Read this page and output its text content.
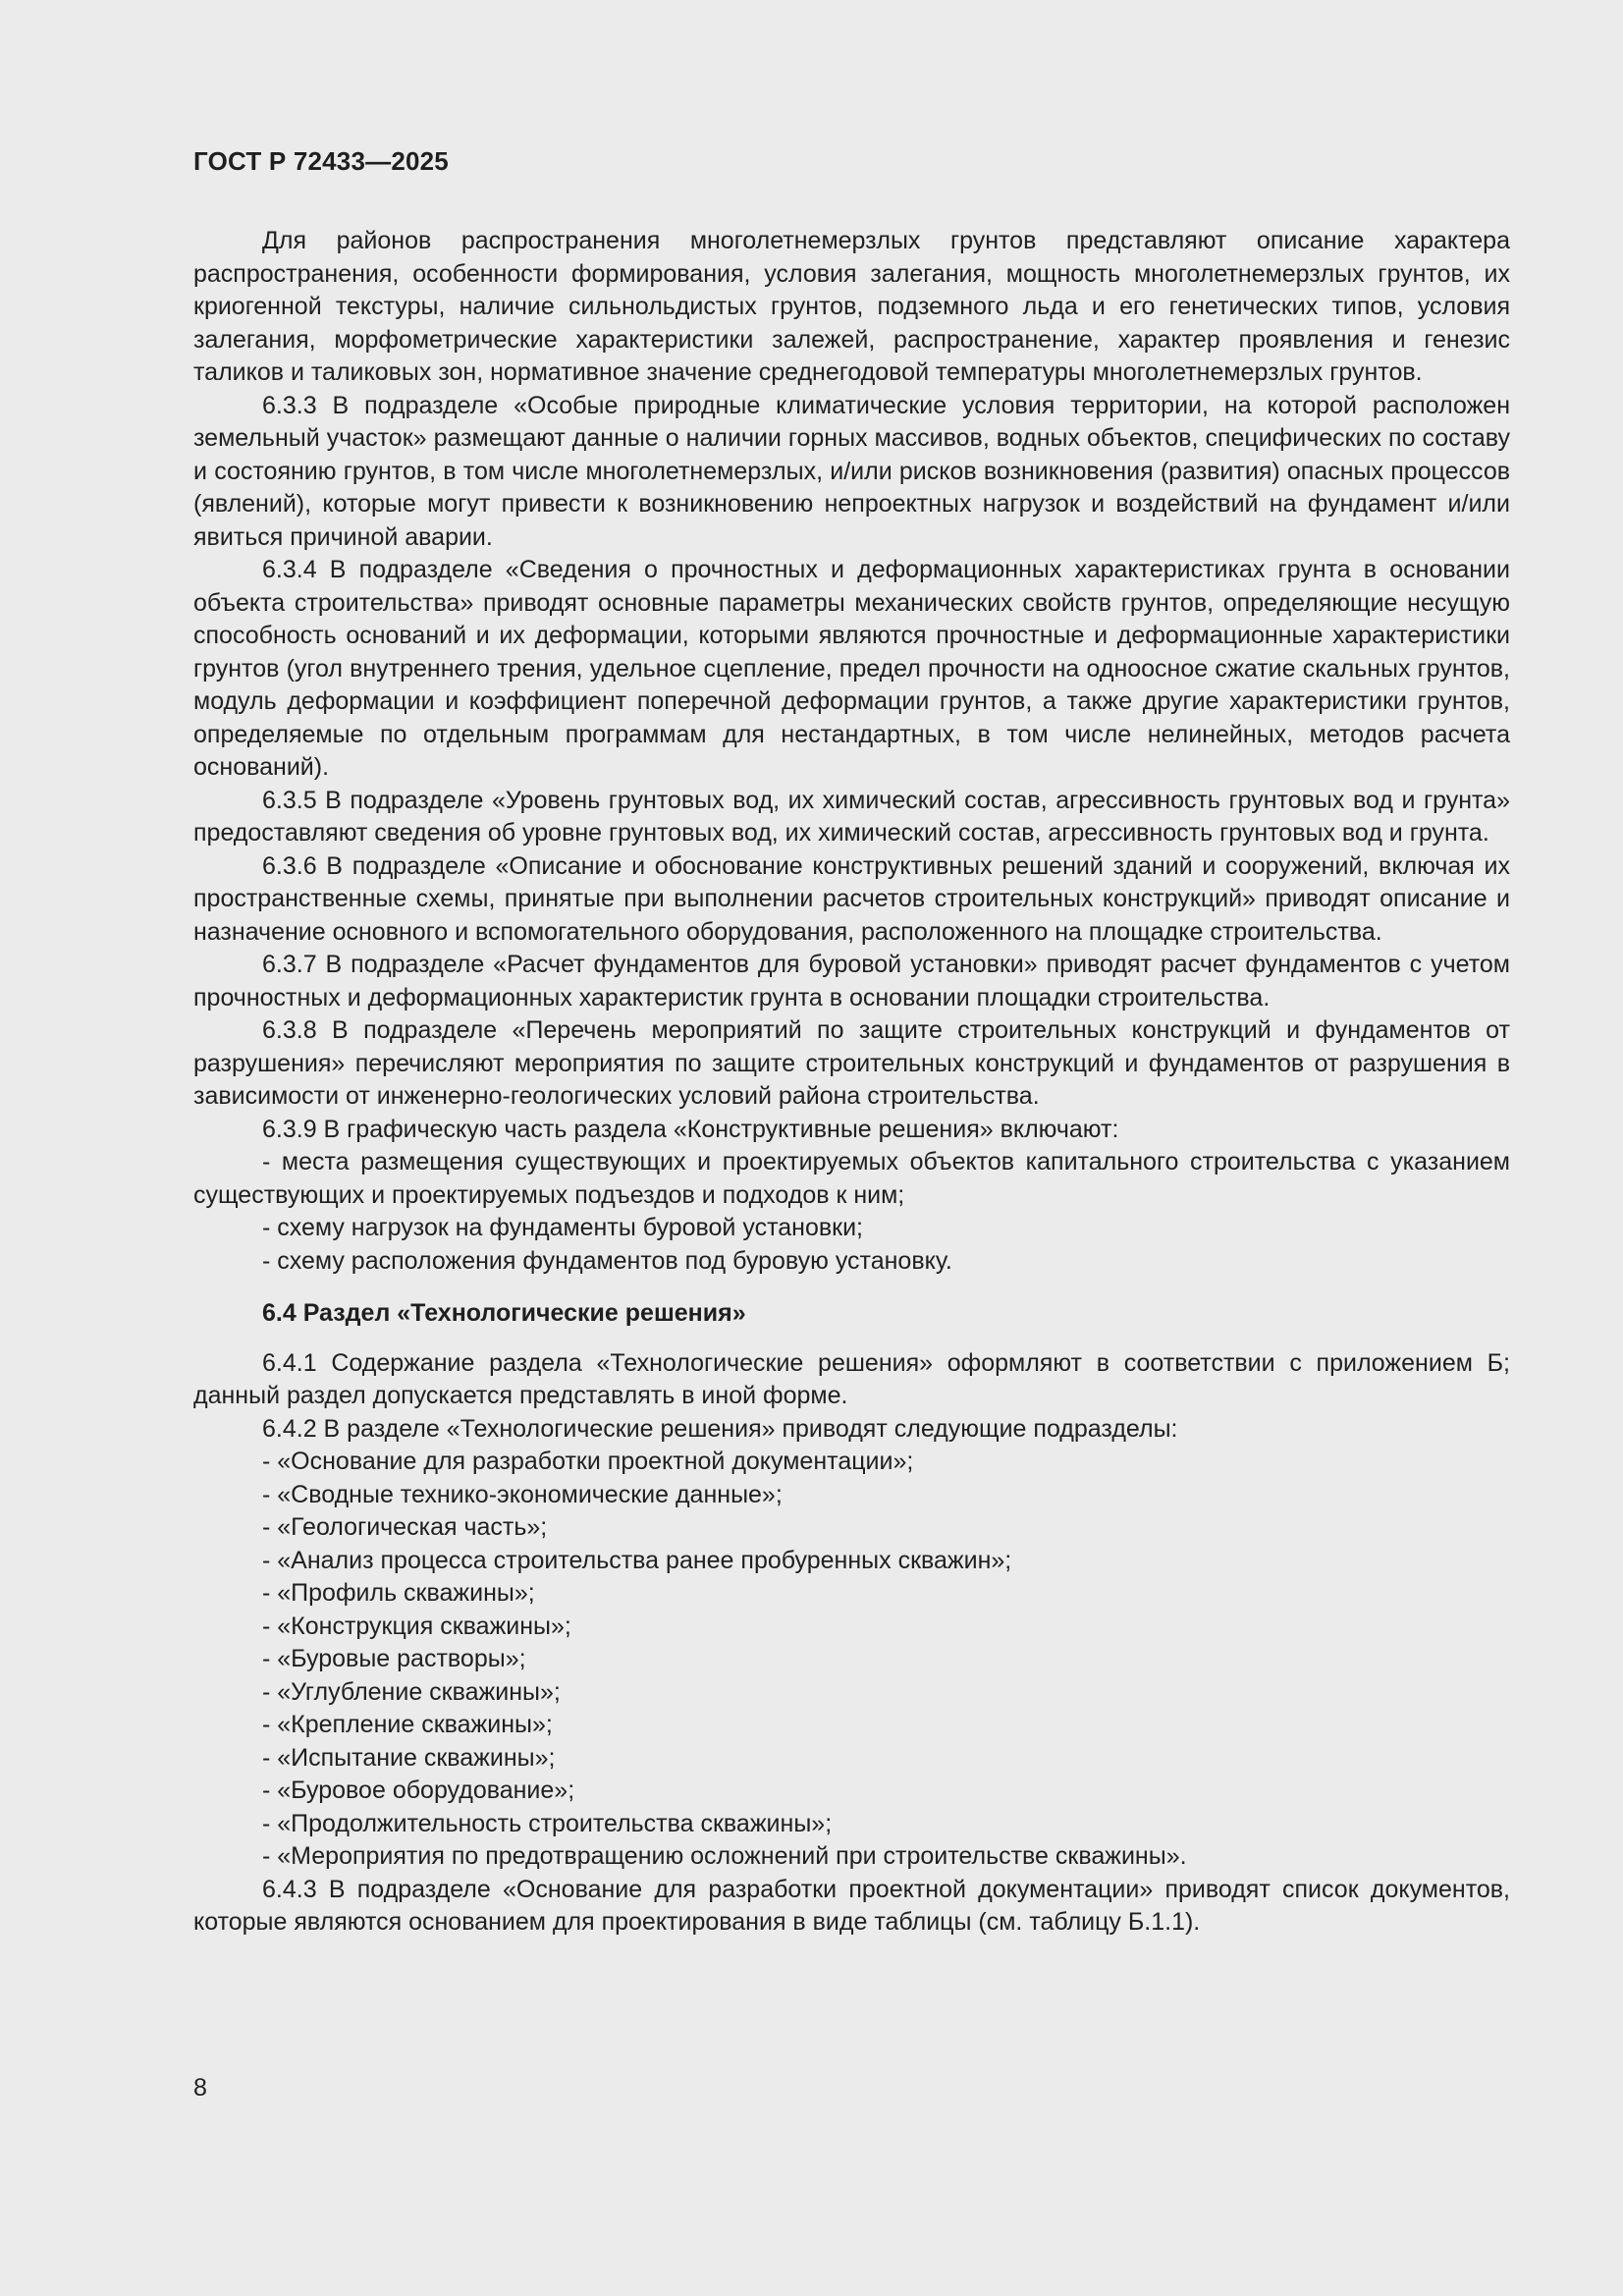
ГОСТ Р 72433—2025

Для районов распространения многолетнемерзлых грунтов представляют описание характера распространения, особенности формирования, условия залегания, мощность многолетнемерзлых грунтов, их криогенной текстуры, наличие сильнольдистых грунтов, подземного льда и его генетических типов, условия залегания, морфометрические характеристики залежей, распространение, характер проявления и генезис таликов и таликовых зон, нормативное значение среднегодовой температуры многолетнемерзлых грунтов.

6.3.3 В подразделе «Особые природные климатические условия территории, на которой расположен земельный участок» размещают данные о наличии горных массивов, водных объектов, специфических по составу и состоянию грунтов, в том числе многолетнемерзлых, и/или рисков возникновения (развития) опасных процессов (явлений), которые могут привести к возникновению непроектных нагрузок и воздействий на фундамент и/или явиться причиной аварии.

6.3.4 В подразделе «Сведения о прочностных и деформационных характеристиках грунта в основании объекта строительства» приводят основные параметры механических свойств грунтов, определяющие несущую способность оснований и их деформации, которыми являются прочностные и деформационные характеристики грунтов (угол внутреннего трения, удельное сцепление, предел прочности на одноосное сжатие скальных грунтов, модуль деформации и коэффициент поперечной деформации грунтов, а также другие характеристики грунтов, определяемые по отдельным программам для нестандартных, в том числе нелинейных, методов расчета оснований).

6.3.5 В подразделе «Уровень грунтовых вод, их химический состав, агрессивность грунтовых вод и грунта» предоставляют сведения об уровне грунтовых вод, их химический состав, агрессивность грунтовых вод и грунта.

6.3.6 В подразделе «Описание и обоснование конструктивных решений зданий и сооружений, включая их пространственные схемы, принятые при выполнении расчетов строительных конструкций» приводят описание и назначение основного и вспомогательного оборудования, расположенного на площадке строительства.

6.3.7 В подразделе «Расчет фундаментов для буровой установки» приводят расчет фундаментов с учетом прочностных и деформационных характеристик грунта в основании площадки строительства.

6.3.8 В подразделе «Перечень мероприятий по защите строительных конструкций и фундаментов от разрушения» перечисляют мероприятия по защите строительных конструкций и фундаментов от разрушения в зависимости от инженерно-геологических условий района строительства.

6.3.9 В графическую часть раздела «Конструктивные решения» включают:

- места размещения существующих и проектируемых объектов капитального строительства с указанием существующих и проектируемых подъездов и подходов к ним;

- схему нагрузок на фундаменты буровой установки;

- схему расположения фундаментов под буровую установку.

6.4 Раздел «Технологические решения»

6.4.1 Содержание раздела «Технологические решения» оформляют в соответствии с приложением Б; данный раздел допускается представлять в иной форме.

6.4.2 В разделе «Технологические решения» приводят следующие подразделы:

- «Основание для разработки проектной документации»;

- «Сводные технико-экономические данные»;

- «Геологическая часть»;

- «Анализ процесса строительства ранее пробуренных скважин»;

- «Профиль скважины»;

- «Конструкция скважины»;

- «Буровые растворы»;

- «Углубление скважины»;

- «Крепление скважины»;

- «Испытание скважины»;

- «Буровое оборудование»;

- «Продолжительность строительства скважины»;

- «Мероприятия по предотвращению осложнений при строительстве скважины».

6.4.3 В подразделе «Основание для разработки проектной документации» приводят список документов, которые являются основанием для проектирования в виде таблицы (см. таблицу Б.1.1).

8
